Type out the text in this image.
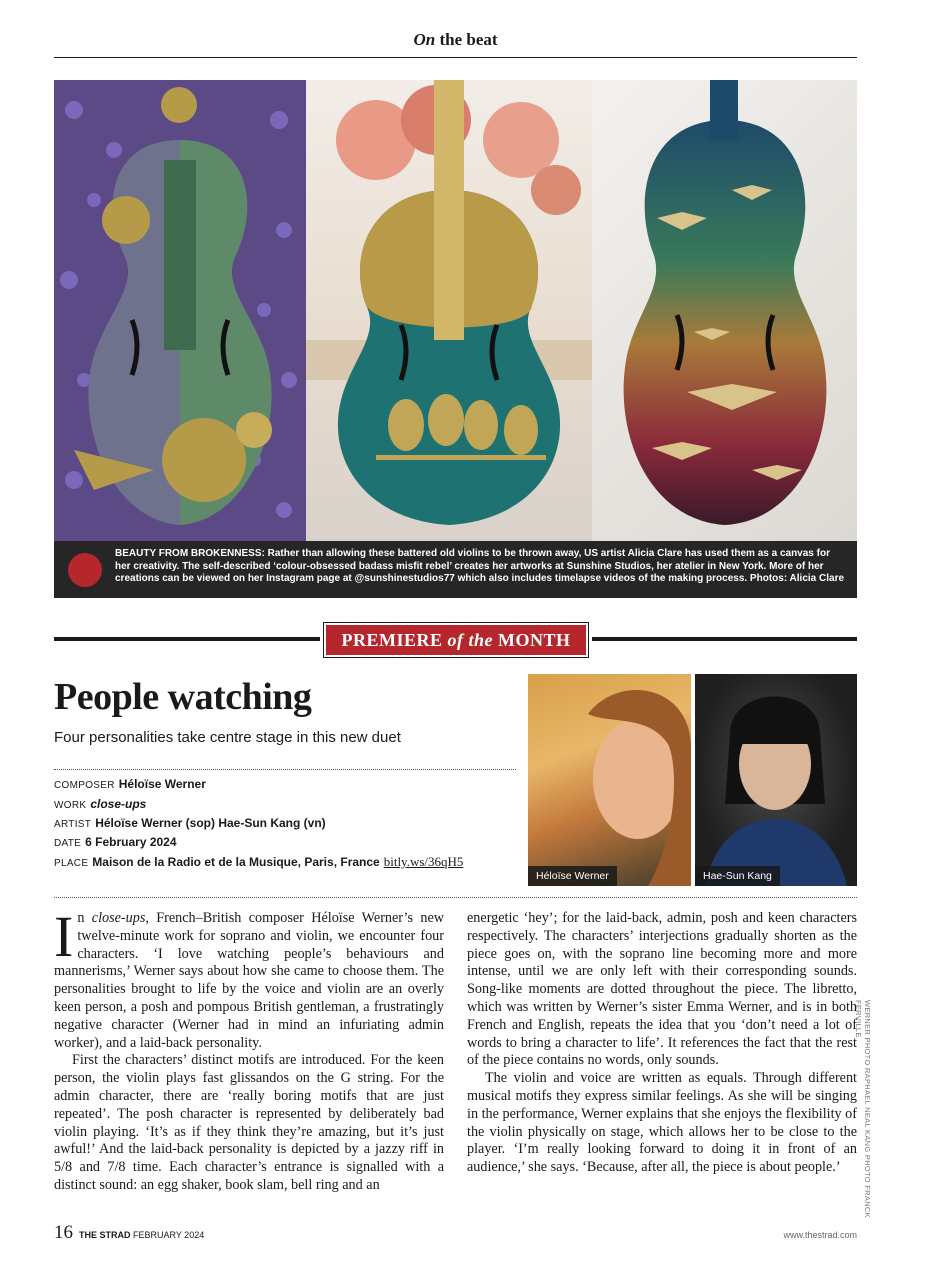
On the beat
BEAUTY FROM BROKENNESS: Rather than allowing these battered old violins to be thrown away, US artist Alicia Clare has used them as a canvas for her creativity. The self-described ‘colour-obsessed badass misfit rebel’ creates her artworks at Sunshine Studios, her atelier in New York. More of her creations can be viewed on her Instagram page at @sunshinestudios77 which also includes timelapse videos of the making process. Photos: Alicia Clare
PREMIERE of the MONTH
People watching
Four personalities take centre stage in this new duet
COMPOSER Héloïse Werner
WORK close-ups
ARTIST Héloïse Werner (sop) Hae-Sun Kang (vn)
DATE 6 February 2024
PLACE Maison de la Radio et de la Musique, Paris, France bitly.ws/36qH5
Héloïse Werner	Hae-Sun Kang

In close-ups, French–British composer Héloïse Werner’s new twelve-minute work for soprano and violin, we encounter four characters. ‘I love watching people’s behaviours and mannerisms,’ Werner says about how she came to choose them. The personalities brought to life by the voice and violin are an overly keen person, a posh and pompous British gentleman, a frustratingly negative character (Werner had in mind an infuriating admin worker), and a laid-back personality.

First the characters’ distinct motifs are introduced. For the keen person, the violin plays fast glissandos on the G string. For the admin character, there are ‘really boring motifs that are just repeated’. The posh character is represented by deliberately bad violin playing. ‘It’s as if they think they’re amazing, but it’s just awful!’ And the laid-back personality is depicted by a jazzy riff in 5/8 and 7/8 time. Each character’s entrance is signalled with a distinct sound: an egg shaker, book slam, bell ring and an

energetic ‘hey’; for the laid-back, admin, posh and keen characters respectively. The characters’ interjections gradually shorten as the piece goes on, with the soprano line becoming more and more intense, until we are only left with their corresponding sounds. Song-like moments are dotted throughout the piece. The libretto, which was written by Werner’s sister Emma Werner, and is in both French and English, repeats the idea that you ‘don’t need a lot of words to bring a character to life’. It references the fact that the rest of the piece contains no words, only sounds.

The violin and voice are written as equals. Through different musical motifs they express similar feelings. As she will be singing in the performance, Werner explains that she enjoys the flexibility of the violin physically on stage, which allows her to be close to the player. ‘I’m really looking forward to doing it in front of an audience,’ she says. ‘Because, after all, the piece is about people.’	WERNER PHOTO RAPHAEL NEAL KANG PHOTO FRANCK FERVILLE
16 THE STRAD FEBRUARY 2024	www.thestrad.com
